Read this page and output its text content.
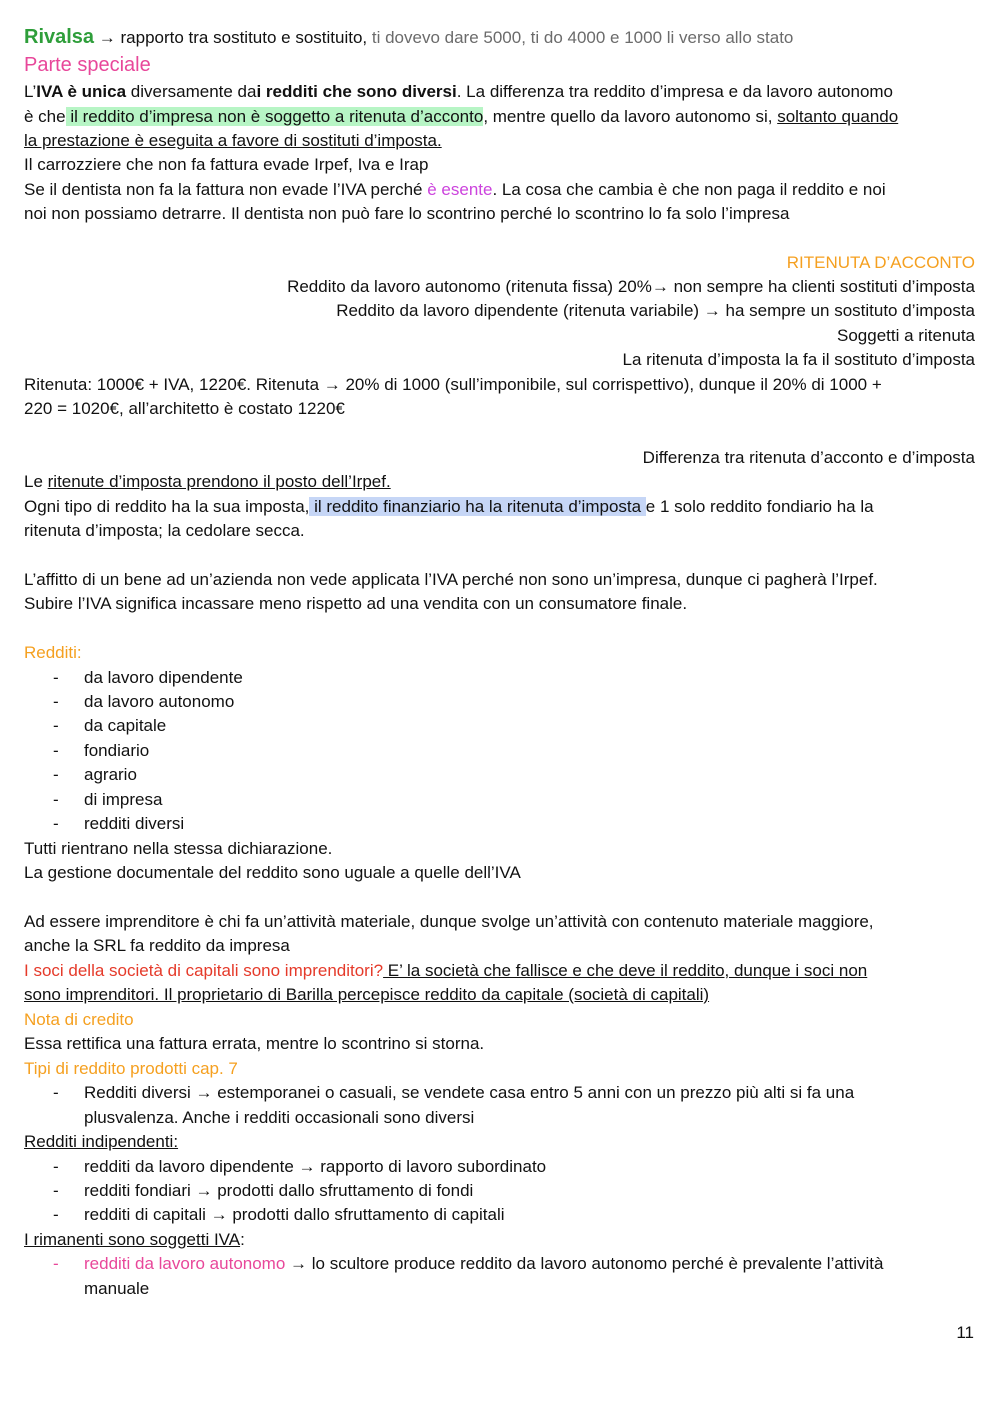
Rivalsa → rapporto tra sostituto e sostituito, ti dovevo dare 5000, ti do 4000 e 1000 li verso allo stato
Parte speciale
L’IVA è unica diversamente dai redditi che sono diversi. La differenza tra reddito d’impresa e da lavoro autonomo
è che il reddito d’impresa non è soggetto a ritenuta d’acconto, mentre quello da lavoro autonomo si, soltanto quando
la prestazione è eseguita a favore di sostituti d’imposta.
Il carrozziere che non fa fattura evade Irpef, Iva e Irap
Se il dentista non fa la fattura non evade l’IVA perché è esente. La cosa che cambia è che non paga il reddito e noi
noi non possiamo detrarre. Il dentista non può fare lo scontrino perché lo scontrino lo fa solo l’impresa
RITENUTA D’ACCONTO
Reddito da lavoro autonomo (ritenuta fissa) 20%→ non sempre ha clienti sostituti d’imposta
Reddito da lavoro dipendente (ritenuta variabile) → ha sempre un sostituto d’imposta
Soggetti a ritenuta
La ritenuta d’imposta la fa il sostituto d’imposta
Ritenuta: 1000€ + IVA, 1220€. Ritenuta → 20% di 1000 (sull’imponibile, sul corrispettivo), dunque il 20% di 1000 +
220 = 1020€, all’architetto è costato 1220€
Differenza tra ritenuta d’acconto e d’imposta
Le ritenute d’imposta prendono il posto dell’Irpef.
Ogni tipo di reddito ha la sua imposta, il reddito finanziario ha la ritenuta d’imposta e 1 solo reddito fondiario ha la
ritenuta d’imposta; la cedolare secca.
L’affitto di un bene ad un’azienda non vede applicata l’IVA perché non sono un’impresa, dunque ci pagherà l’Irpef.
Subire l’IVA significa incassare meno rispetto ad una vendita con un consumatore finale.
Redditi:
- da lavoro dipendente
- da lavoro autonomo
- da capitale
- fondiario
- agrario
- di impresa
- redditi diversi
Tutti rientrano nella stessa dichiarazione.
La gestione documentale del reddito sono uguale a quelle dell’IVA
Ad essere imprenditore è chi fa un’attività materiale, dunque svolge un’attività con contenuto materiale maggiore,
anche la SRL fa reddito da impresa
I soci della società di capitali sono imprenditori? E’ la società che fallisce e che deve il reddito, dunque i soci non
sono imprenditori. Il proprietario di Barilla percepisce reddito da capitale (società di capitali)
Nota di credito
Essa rettifica una fattura errata, mentre lo scontrino si storna.
Tipi di reddito prodotti cap. 7
- Redditi diversi → estemporanei o casuali, se vendete casa entro 5 anni con un prezzo più alti si fa una
plusvalenza. Anche i redditi occasionali sono diversi
Redditi indipendenti:
- redditi da lavoro dipendente → rapporto di lavoro subordinato
- redditi fondiari → prodotti dallo sfruttamento di fondi
- redditi di capitali → prodotti dallo sfruttamento di capitali
I rimanenti sono soggetti IVA:
- redditi da lavoro autonomo → lo scultore produce reddito da lavoro autonomo perché è prevalente l’attività
manuale
11
